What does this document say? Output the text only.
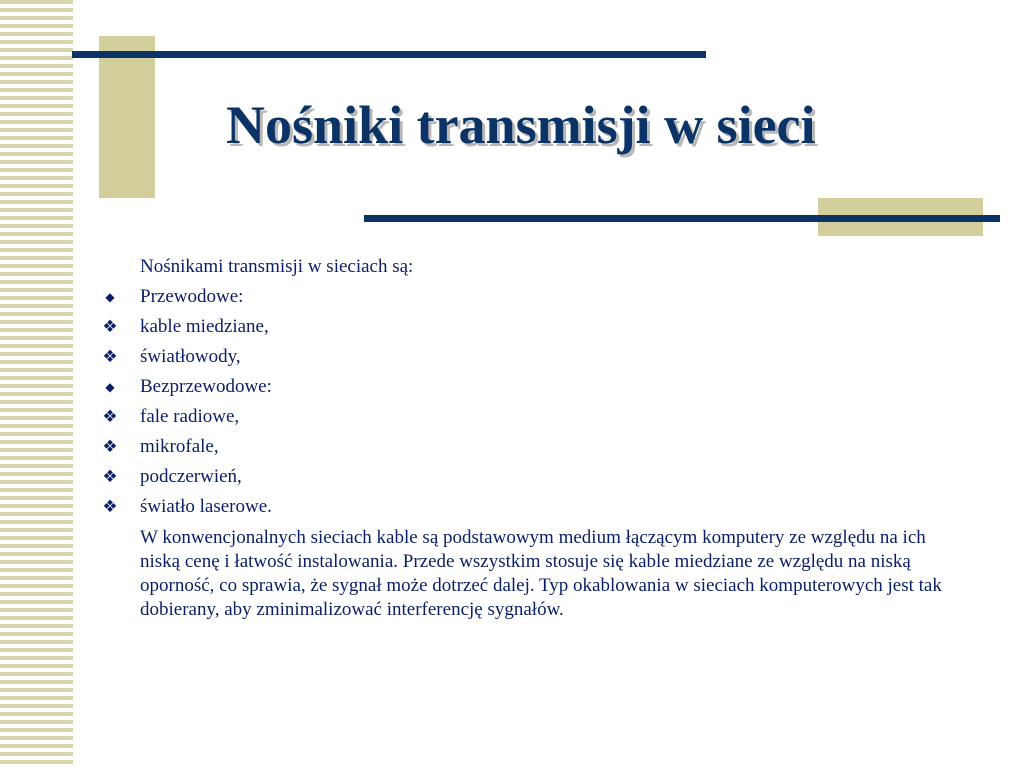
Nośniki transmisji w sieci
Nośnikami transmisji w sieciach są:
◆ Przewodowe:
❖ kable miedziane,
❖ światłowody,
◆ Bezprzewodowe:
❖ fale radiowe,
❖ mikrofale,
❖ podczerwień,
❖ światło laserowe.
W konwencjonalnych sieciach kable są podstawowym medium łączącym komputery ze względu na ich niską cenę i łatwość instalowania. Przede wszystkim stosuje się kable miedziane ze względu na niską oporność, co sprawia, że sygnał może dotrzeć dalej. Typ okablowania w sieciach komputerowych jest tak dobierany, aby zminimalizować interferencję sygnałów.
